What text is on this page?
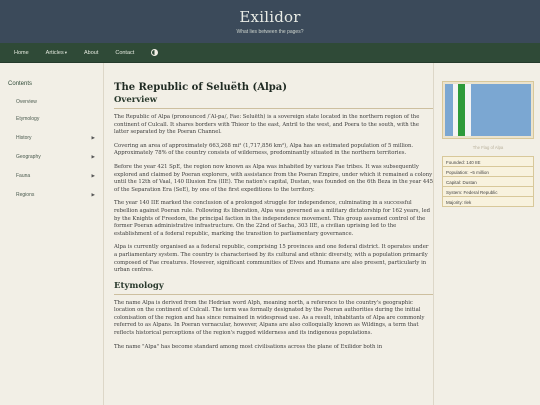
Exilidor
What lies between the pages?
Home	Articles ▾	About	Contact
Contents
Overview
Etymology
History	▶
Geography	▶
Fauna	▶
Regions	▶
The Republic of Seluëth (Alpa)
Overview

The Republic of Alpa (pronounced /ˈAl-pa/, Fae: Seluëth) is a sovereign state located in the northern region of the continent of Culcall. It shares borders with Thieor to the east, Antril to the west, and Poera to the south, with the latter separated by the Poeran Channel.

Covering an area of approximately 663,268 mi² (1,717,856 km²), Alpa has an estimated population of 5 million. Approximately 78% of the country consists of wilderness, predominantly situated in the northern territories.

Before the year 421 SpE, the region now known as Alpa was inhabited by various Fae tribes. It was subsequently explored and claimed by Poeran explorers, with assistance from the Poeran Empire, under which it remained a colony until the 12th of Vaal, 140 Illusion Era (IIE). The nation's capital, Dustan, was founded on the 6th Beza in the year 445 of the Separation Era (SeE), by one of the first expeditions to the territory.

The year 140 IIE marked the conclusion of a prolonged struggle for independence, culminating in a successful rebellion against Poeran rule. Following its liberation, Alpa was governed as a military dictatorship for 162 years, led by the Knights of Freedom, the principal faction in the independence movement. This group assumed control of the former Poeran administrative infrastructure. On the 22nd of Sacha, 303 IIE, a civilian uprising led to the establishment of a federal republic, marking the transition to parliamentary governance.

Alpa is currently organised as a federal republic, comprising 15 provinces and one federal district. It operates under a parliamentary system. The country is characterised by its cultural and ethnic diversity, with a population primarily composed of Fae creatures. However, significant communities of Elves and Humans are also present, particularly in urban centres.

Etymology

The name Alpa is derived from the Hedrian word Alph, meaning north, a reference to the country's geographic location on the continent of Culcall. The term was formally designated by the Poeran authorities during the initial colonisation of the region and has since remained in widespread use. As a result, inhabitants of Alpa are commonly referred to as Alpans. In Poeran vernacular, however, Alpans are also colloquially known as Wildings, a term that reflects historical perceptions of the region's rugged wilderness and its indigenous populations.

The name "Alpa" has become standard among most civilisations across the plane of Exilidor both in

The Flag of Alpa
Founded: 140 IIE
Population: ~5 million
Capital: Dustan
System: Federal Republic
Majority: Ilek
